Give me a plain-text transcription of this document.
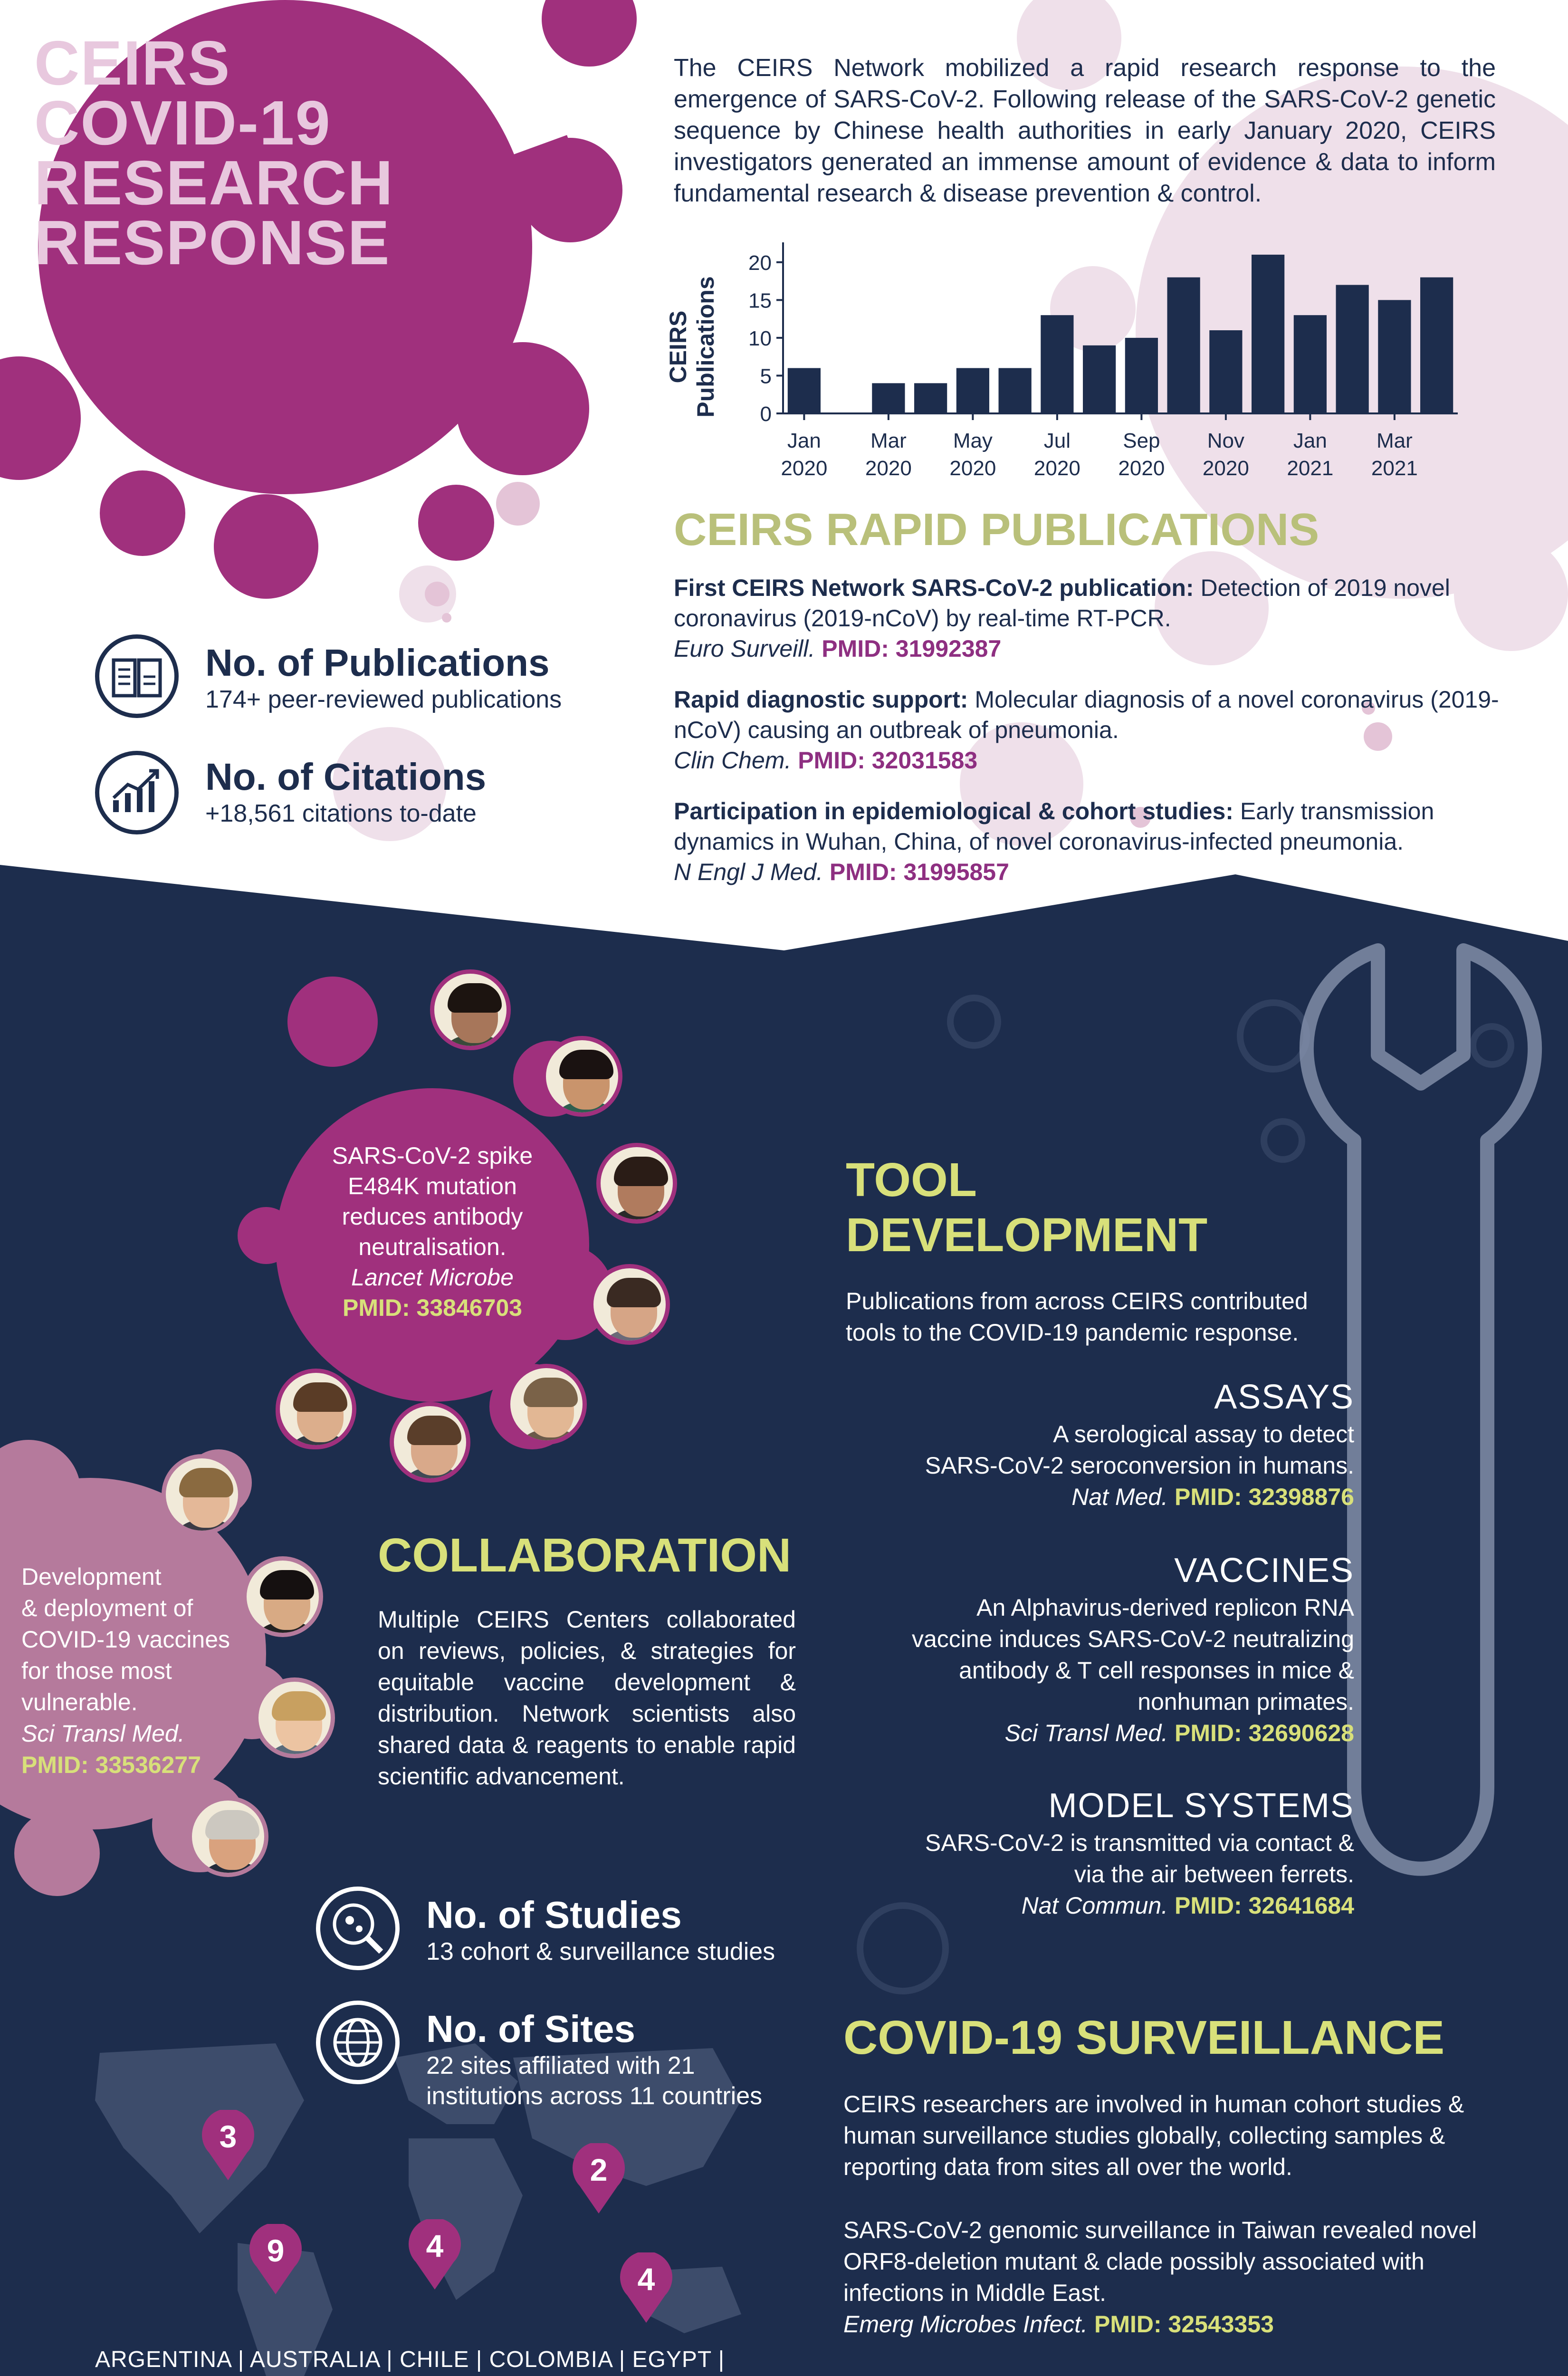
CEIRS
COVID-19
RESEARCH
RESPONSE

The CEIRS Network mobilized a rapid research response to the emergence of SARS-CoV-2. Following release of the SARS-CoV-2 genetic sequence by Chinese health authorities in early January 2020, CEIRS investigators generated an immense amount of evidence & data to inform fundamental research & disease prevention & control.

CEIRS Publications	0
5
10
15
20
Jan
2020
Mar
2020
May
2020
Jul
2020
Sep
2020
Nov
2020
Jan
2021
Mar
2021

No. of Publications

174+ peer-reviewed publications

No. of Citations

+18,561 citations to-date

CEIRS RAPID PUBLICATIONS

First CEIRS Network SARS-CoV-2 publication: Detection of 2019 novel coronavirus (2019-nCoV) by real-time RT-PCR.
Euro Surveill. PMID: 31992387

Rapid diagnostic support: Molecular diagnosis of a novel coronavirus (2019-nCoV) causing an outbreak of pneumonia.
Clin Chem. PMID: 32031583

Participation in epidemiological & cohort studies: Early transmission dynamics in Wuhan, China, of novel coronavirus-infected pneumonia.
N Engl J Med. PMID: 31995857

SARS-CoV-2 spike
E484K mutation
reduces antibody
neutralisation.
Lancet Microbe
PMID: 33846703
Development
& deployment of
COVID-19 vaccines
for those most
vulnerable.
Sci Transl Med.
PMID: 33536277
COLLABORATION

Multiple CEIRS Centers collaborated on reviews, policies, & strategies for equitable vaccine development & distribution. Network scientists also shared data & reagents to enable rapid scientific advancement.

TOOL
DEVELOPMENT
Publications from across CEIRS contributed
tools to the COVID-19 pandemic response.
ASSAYS
A serological assay to detect
SARS-CoV-2 seroconversion in humans.
Nat Med. PMID: 32398876
VACCINES
An Alphavirus-derived replicon RNA
vaccine induces SARS-CoV-2 neutralizing
antibody & T cell responses in mice &
nonhuman primates.
Sci Transl Med. PMID: 32690628
MODEL SYSTEMS
SARS-CoV-2 is transmitted via contact &
via the air between ferrets.
Nat Commun. PMID: 32641684

No. of Studies

13 cohort & surveillance studies

No. of Sites

22 sites affiliated with 21
institutions across 11 countries

3
9	4
2
4
ARGENTINA | AUSTRALIA | CHILE | COLOMBIA | EGYPT |
COVID-19 SURVEILLANCE

CEIRS researchers are involved in human cohort studies & human surveillance studies globally, collecting samples & reporting data from sites all over the world.

SARS-CoV-2 genomic surveillance in Taiwan revealed novel ORF8-deletion mutant & clade possibly associated with infections in Middle East.
Emerg Microbes Infect. PMID: 32543353
